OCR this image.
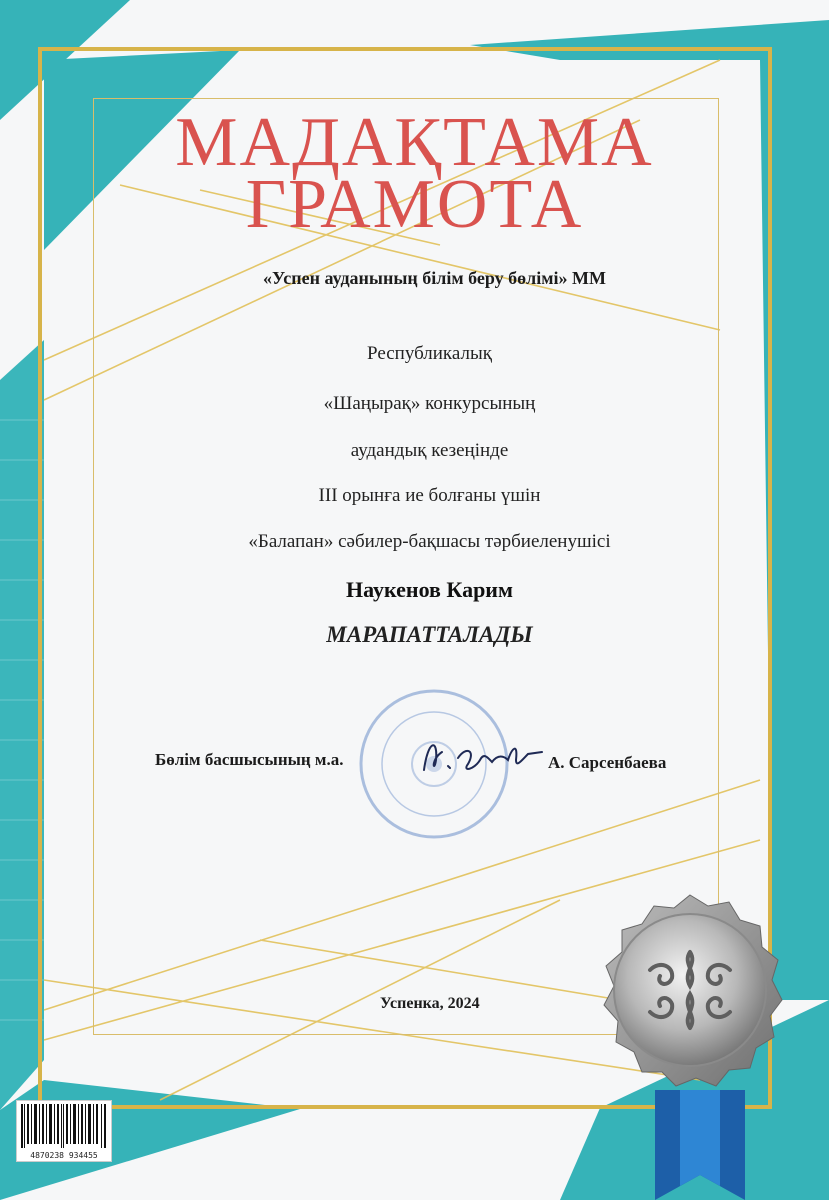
МАДАҚТАМА
ГРАМОТА
«Успен ауданының білім беру бөлімі» ММ
Республикалық
«Шаңырақ» конкурсының
аудандық кезеңінде
III орынға ие болғаны үшін
«Балапан» сәбилер-бақшасы тәрбиеленушісі
Наукенов Карим
МАРАПАТТАЛАДЫ
Бөлім басшысының м.а.	А. Сарсенбаева
Успенка, 2024
4870238 934455
